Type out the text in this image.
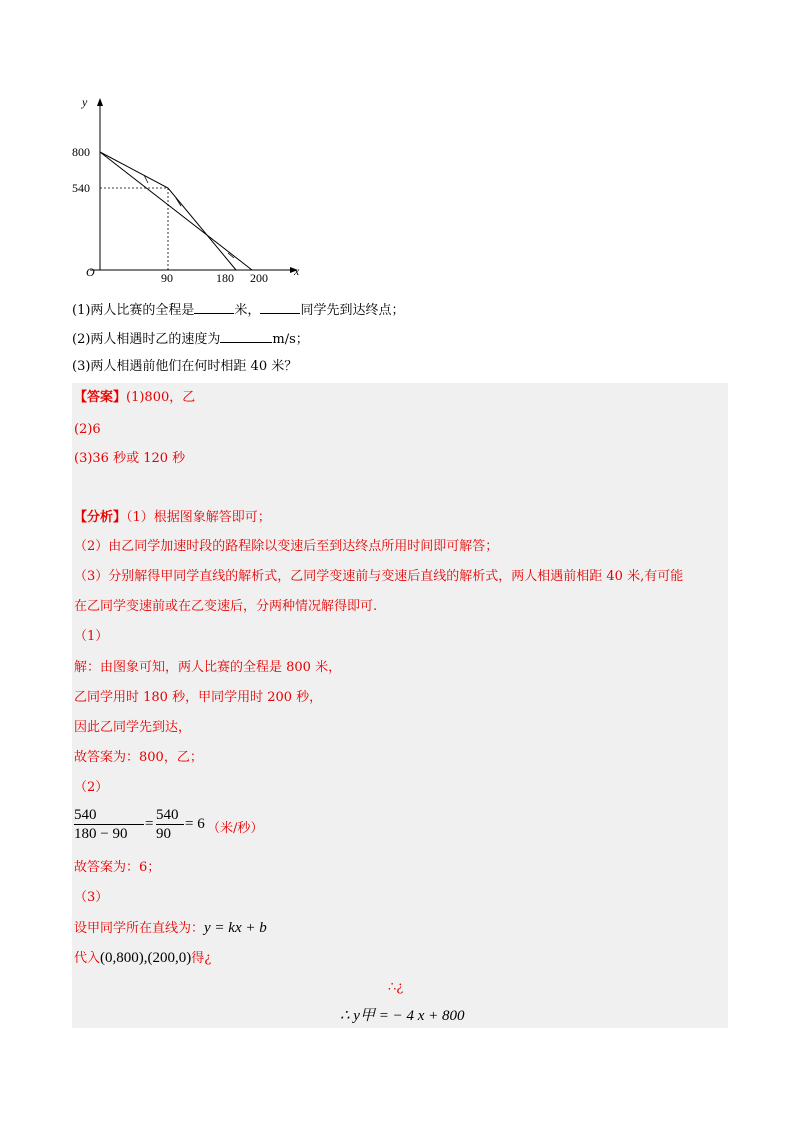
y
x
O
800
540
90	180 200
(1)两人比赛的全程是	米，	同学先到达终点；
(2)两人相遇时乙的速度为	m/s；
(3)两人相遇前他们在何时相距 40 米？
【答案】(1)800，乙
(2)6
(3)36 秒或 120 秒
【分析】（1）根据图象解答即可；
（2）由乙同学加速时段的路程除以变速后至到达终点所用时间即可解答；
（3）分别解得甲同学直线的解析式，乙同学变速前与变速后直线的解析式，两人相遇前相距 40 米,有可能
在乙同学变速前或在乙变速后，分两种情况解得即可.
（1）
解：由图象可知，两人比赛的全程是 800 米，
乙同学用时 180 秒，甲同学用时 200 秒，
因此乙同学先到达，
故答案为：800，乙；
（2）
540
180 − 90
=
540
90
= 6 （米/秒）
故答案为：6；
（3）
设甲同学所在直线为：y = kx + b
代入(0,800),(200,0)得¿
∴¿
∴ y甲 = − 4 x + 800
